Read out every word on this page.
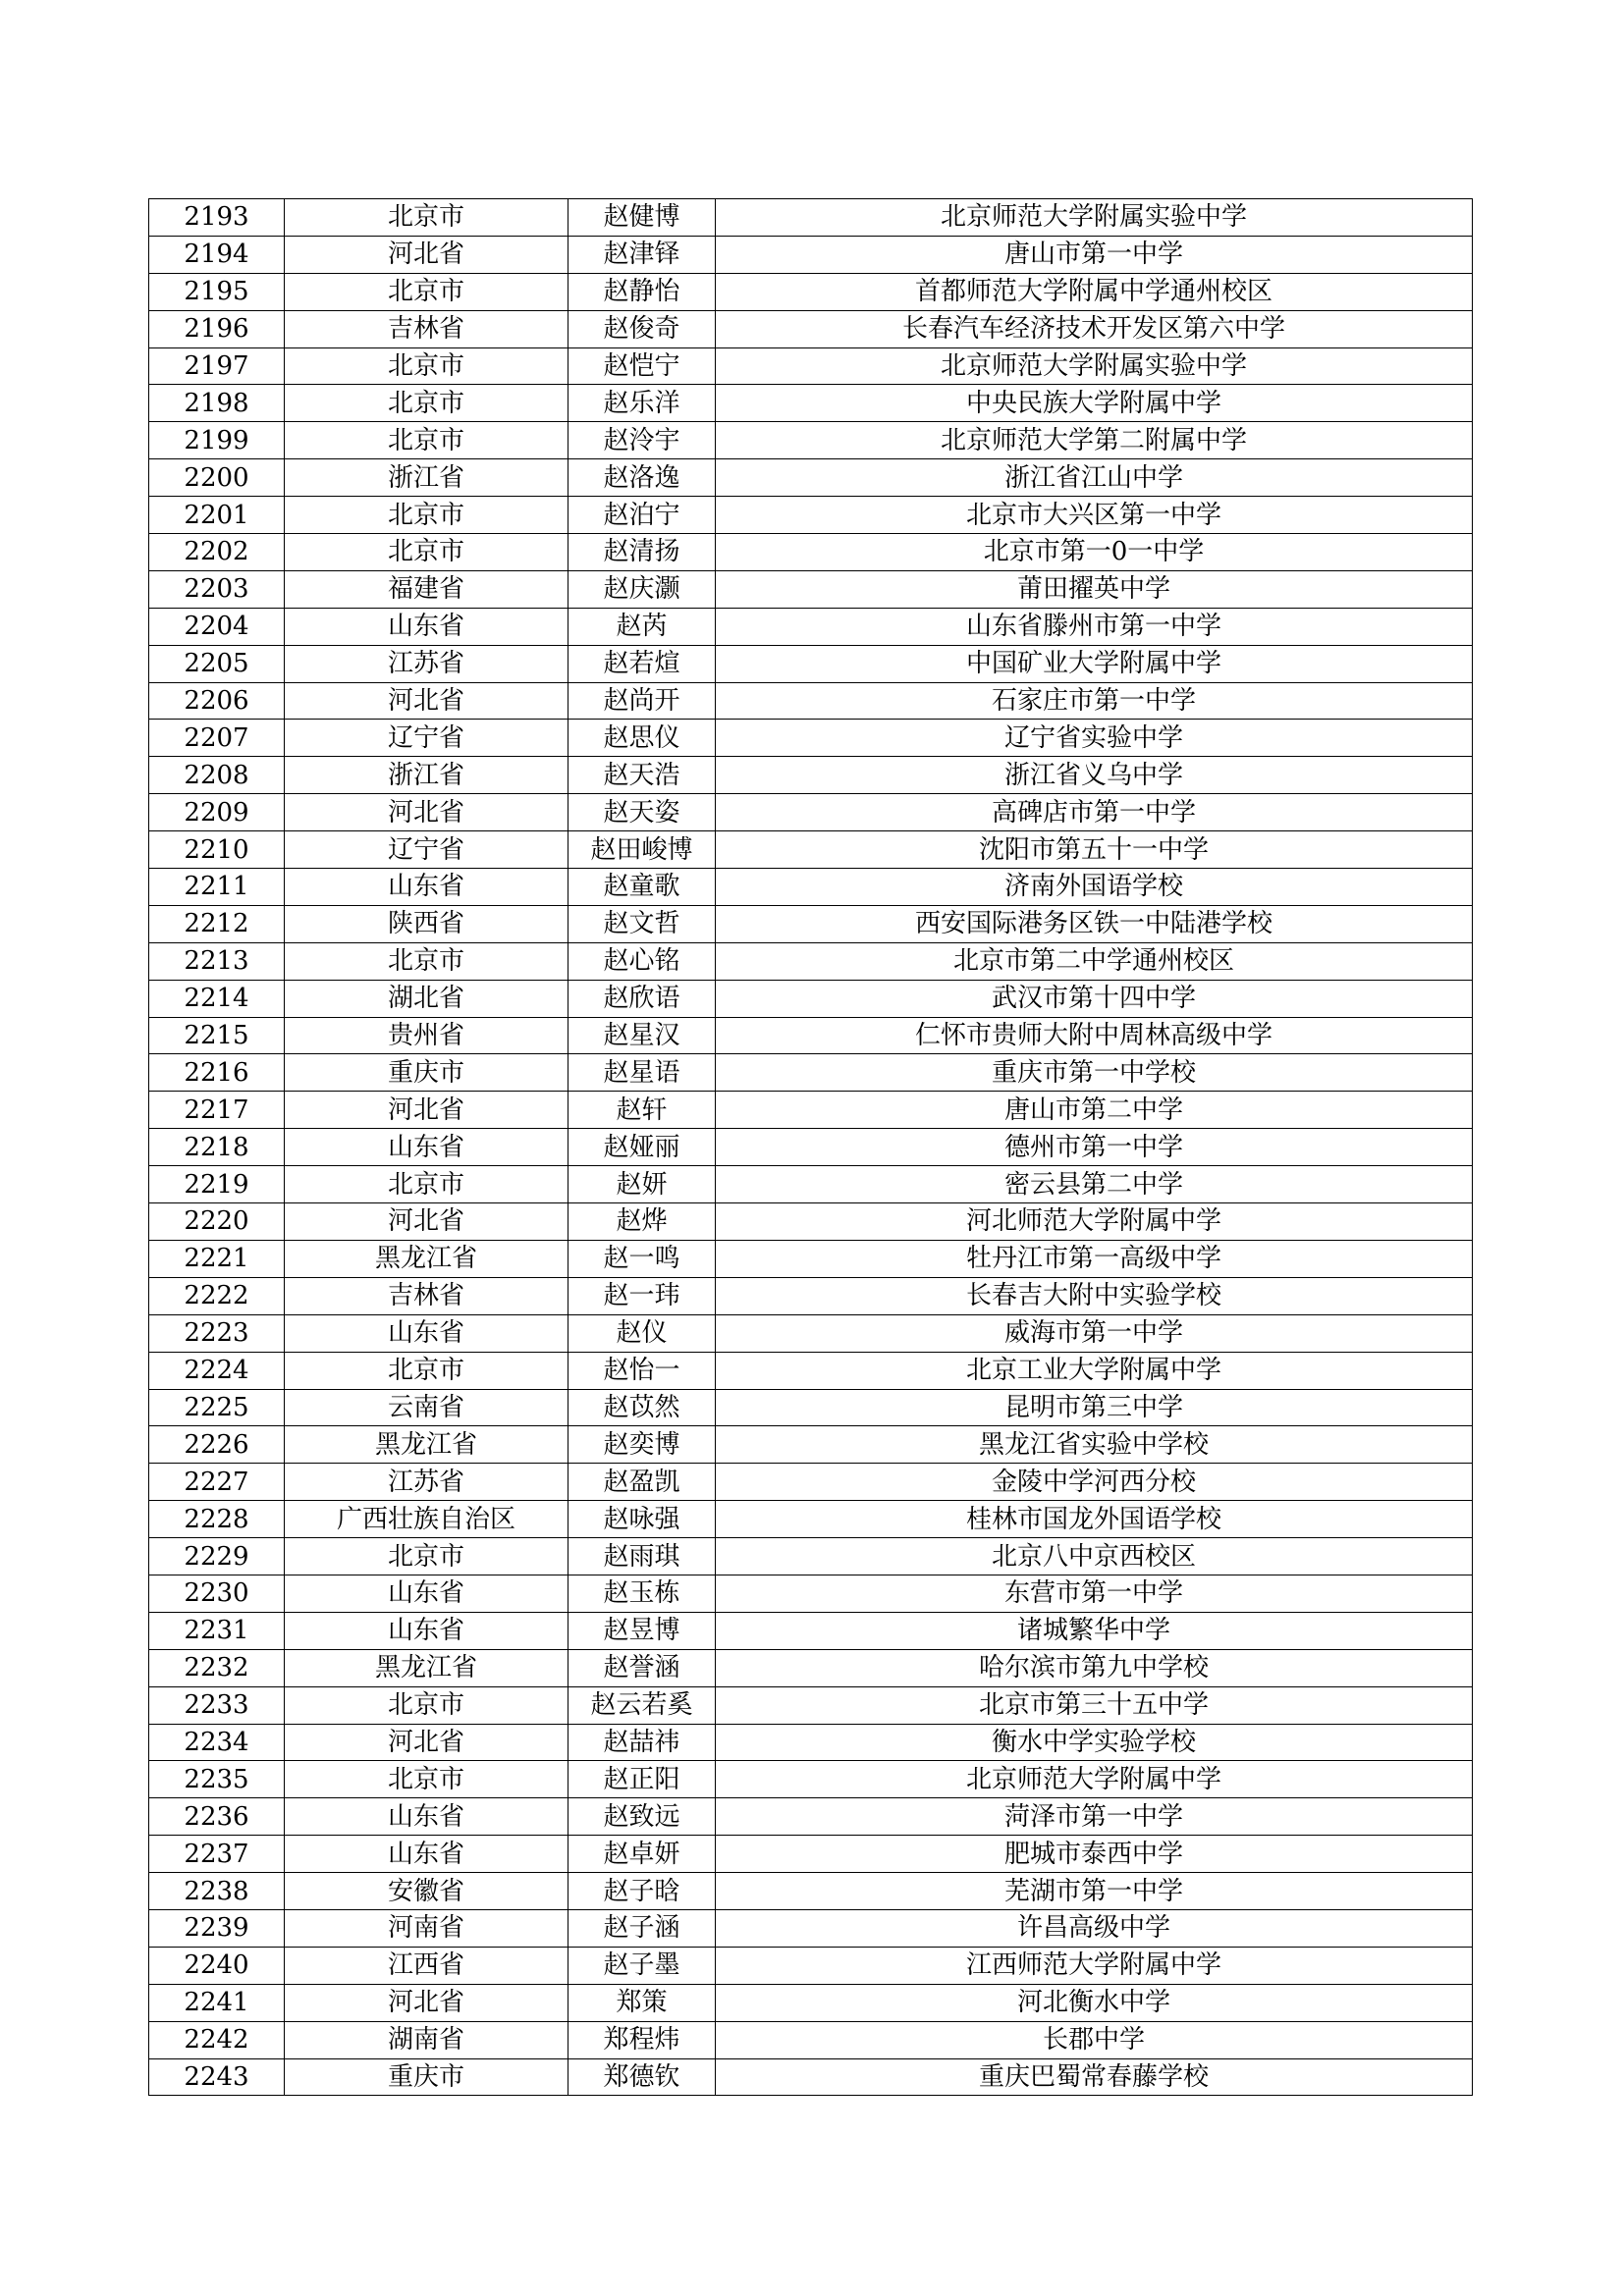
2193	北京市	赵健博	北京师范大学附属实验中学
2194	河北省	赵津铎	唐山市第一中学
2195	北京市	赵静怡	首都师范大学附属中学通州校区
2196	吉林省	赵俊奇	长春汽车经济技术开发区第六中学
2197	北京市	赵恺宁	北京师范大学附属实验中学
2198	北京市	赵乐洋	中央民族大学附属中学
2199	北京市	赵泠宇	北京师范大学第二附属中学
2200	浙江省	赵洛逸	浙江省江山中学
2201	北京市	赵泊宁	北京市大兴区第一中学
2202	北京市	赵清扬	北京市第一0一中学
2203	福建省	赵庆灏	莆田擢英中学
2204	山东省	赵芮	山东省滕州市第一中学
2205	江苏省	赵若煊	中国矿业大学附属中学
2206	河北省	赵尚开	石家庄市第一中学
2207	辽宁省	赵思仪	辽宁省实验中学
2208	浙江省	赵天浩	浙江省义乌中学
2209	河北省	赵天姿	高碑店市第一中学
2210	辽宁省	赵田峻博	沈阳市第五十一中学
2211	山东省	赵童歌	济南外国语学校
2212	陕西省	赵文哲	西安国际港务区铁一中陆港学校
2213	北京市	赵心铭	北京市第二中学通州校区
2214	湖北省	赵欣语	武汉市第十四中学
2215	贵州省	赵星汉	仁怀市贵师大附中周林高级中学
2216	重庆市	赵星语	重庆市第一中学校
2217	河北省	赵轩	唐山市第二中学
2218	山东省	赵娅丽	德州市第一中学
2219	北京市	赵妍	密云县第二中学
2220	河北省	赵烨	河北师范大学附属中学
2221	黑龙江省	赵一鸣	牡丹江市第一高级中学
2222	吉林省	赵一玮	长春吉大附中实验学校
2223	山东省	赵仪	威海市第一中学
2224	北京市	赵怡一	北京工业大学附属中学
2225	云南省	赵苡然	昆明市第三中学
2226	黑龙江省	赵奕博	黑龙江省实验中学校
2227	江苏省	赵盈凯	金陵中学河西分校
2228	广西壮族自治区	赵咏强	桂林市国龙外国语学校
2229	北京市	赵雨琪	北京八中京西校区
2230	山东省	赵玉栋	东营市第一中学
2231	山东省	赵昱博	诸城繁华中学
2232	黑龙江省	赵誉涵	哈尔滨市第九中学校
2233	北京市	赵云若奚	北京市第三十五中学
2234	河北省	赵喆祎	衡水中学实验学校
2235	北京市	赵正阳	北京师范大学附属中学
2236	山东省	赵致远	菏泽市第一中学
2237	山东省	赵卓妍	肥城市泰西中学
2238	安徽省	赵子晗	芜湖市第一中学
2239	河南省	赵子涵	许昌高级中学
2240	江西省	赵子墨	江西师范大学附属中学
2241	河北省	郑策	河北衡水中学
2242	湖南省	郑程炜	长郡中学
2243	重庆市	郑德钦	重庆巴蜀常春藤学校
